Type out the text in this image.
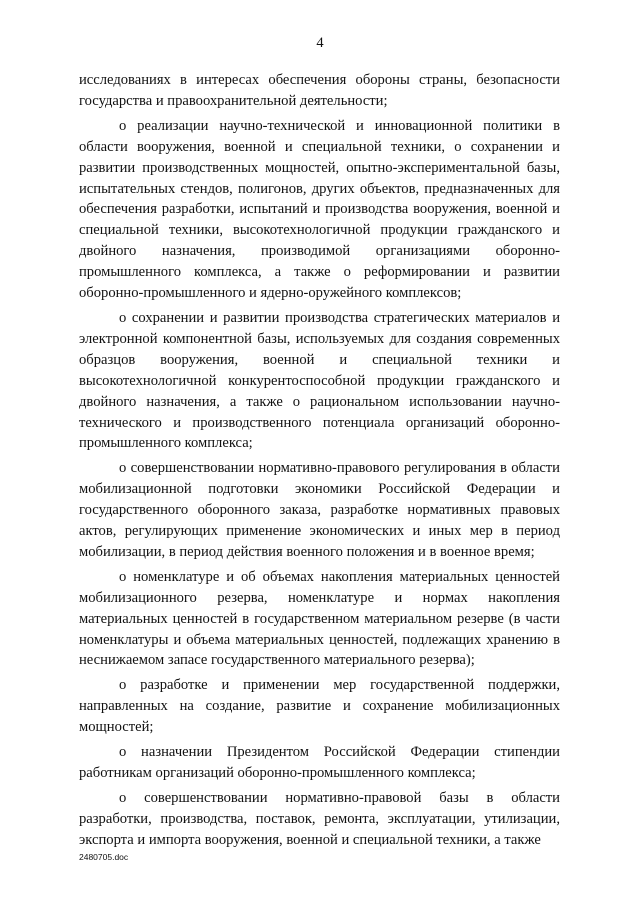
4

исследованиях в интересах обеспечения обороны страны, безопасности государства и правоохранительной деятельности;

о реализации научно-технической и инновационной политики в области вооружения, военной и специальной техники, о сохранении и развитии производственных мощностей, опытно-экспериментальной базы, испытательных стендов, полигонов, других объектов, предназначенных для обеспечения разработки, испытаний и производства вооружения, военной и специальной техники, высокотехнологичной продукции гражданского и двойного назначения, производимой организациями оборонно-промышленного комплекса, а также о реформировании и развитии оборонно-промышленного и ядерно-оружейного комплексов;

о сохранении и развитии производства стратегических материалов и электронной компонентной базы, используемых для создания современных образцов вооружения, военной и специальной техники и высокотехнологичной конкурентоспособной продукции гражданского и двойного назначения, а также о рациональном использовании научно-технического и производственного потенциала организаций оборонно-промышленного комплекса;

о совершенствовании нормативно-правового регулирования в области мобилизационной подготовки экономики Российской Федерации и государственного оборонного заказа, разработке нормативных правовых актов, регулирующих применение экономических и иных мер в период мобилизации, в период действия военного положения и в военное время;

о номенклатуре и об объемах накопления материальных ценностей мобилизационного резерва, номенклатуре и нормах накопления материальных ценностей в государственном материальном резерве (в части номенклатуры и объема материальных ценностей, подлежащих хранению в неснижаемом запасе государственного материального резерва);

о разработке и применении мер государственной поддержки, направленных на создание, развитие и сохранение мобилизационных мощностей;

о назначении Президентом Российской Федерации стипендии работникам организаций оборонно-промышленного комплекса;

о совершенствовании нормативно-правовой базы в области разработки, производства, поставок, ремонта, эксплуатации, утилизации, экспорта и импорта вооружения, военной и специальной техники, а также

2480705.doc
